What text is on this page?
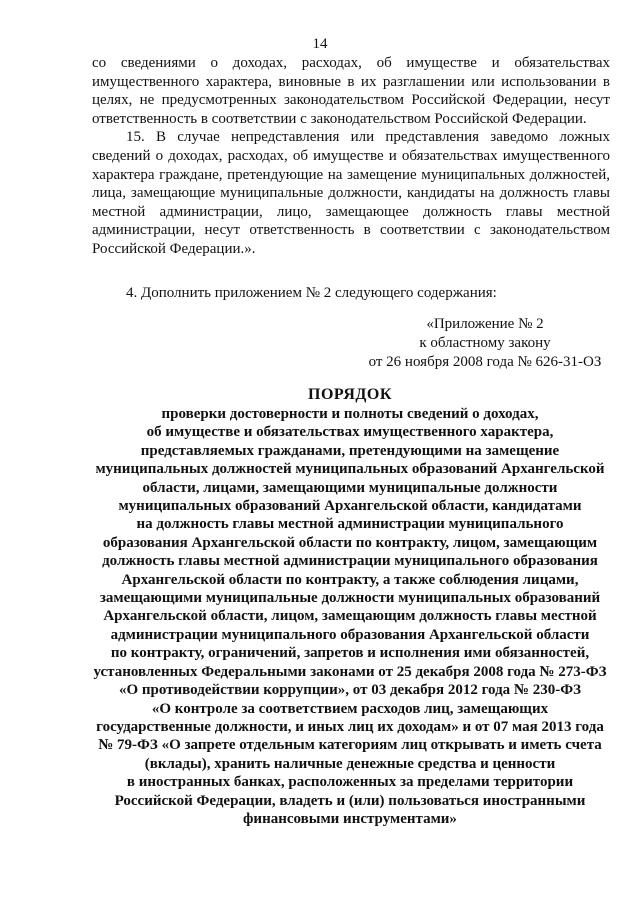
14

со сведениями о доходах, расходах, об имуществе и обязательствах имущественного характера, виновные в их разглашении или использовании в целях, не предусмотренных законодательством Российской Федерации, несут ответственность в соответствии с законодательством Российской Федерации.

15. В случае непредставления или представления заведомо ложных сведений о доходах, расходах, об имуществе и обязательствах имущественного характера граждане, претендующие на замещение муниципальных должностей, лица, замещающие муниципальные должности, кандидаты на должность главы местной администрации, лицо, замещающее должность главы местной администрации, несут ответственность в соответствии с законодательством Российской Федерации.».

4. Дополнить приложением № 2 следующего содержания:
«Приложение № 2
к областному закону
от 26 ноября 2008 года № 626-31-ОЗ
ПОРЯДОК
проверки достоверности и полноты сведений о доходах,
об имуществе и обязательствах имущественного характера,
представляемых гражданами, претендующими на замещение
муниципальных должностей муниципальных образований Архангельской
области, лицами, замещающими муниципальные должности
муниципальных образований Архангельской области, кандидатами
на должность главы местной администрации муниципального
образования Архангельской области по контракту, лицом, замещающим
должность главы местной администрации муниципального образования
Архангельской области по контракту, а также соблюдения лицами,
замещающими муниципальные должности муниципальных образований
Архангельской области, лицом, замещающим должность главы местной
администрации муниципального образования Архангельской области
по контракту, ограничений, запретов и исполнения ими обязанностей,
установленных Федеральными законами от 25 декабря 2008 года № 273-ФЗ
«О противодействии коррупции», от 03 декабря 2012 года № 230-ФЗ
«О контроле за соответствием расходов лиц, замещающих
государственные должности, и иных лиц их доходам» и от 07 мая 2013 года
№ 79-ФЗ «О запрете отдельным категориям лиц открывать и иметь счета
(вклады), хранить наличные денежные средства и ценности
в иностранных банках, расположенных за пределами территории
Российской Федерации, владеть и (или) пользоваться иностранными
финансовыми инструментами»
